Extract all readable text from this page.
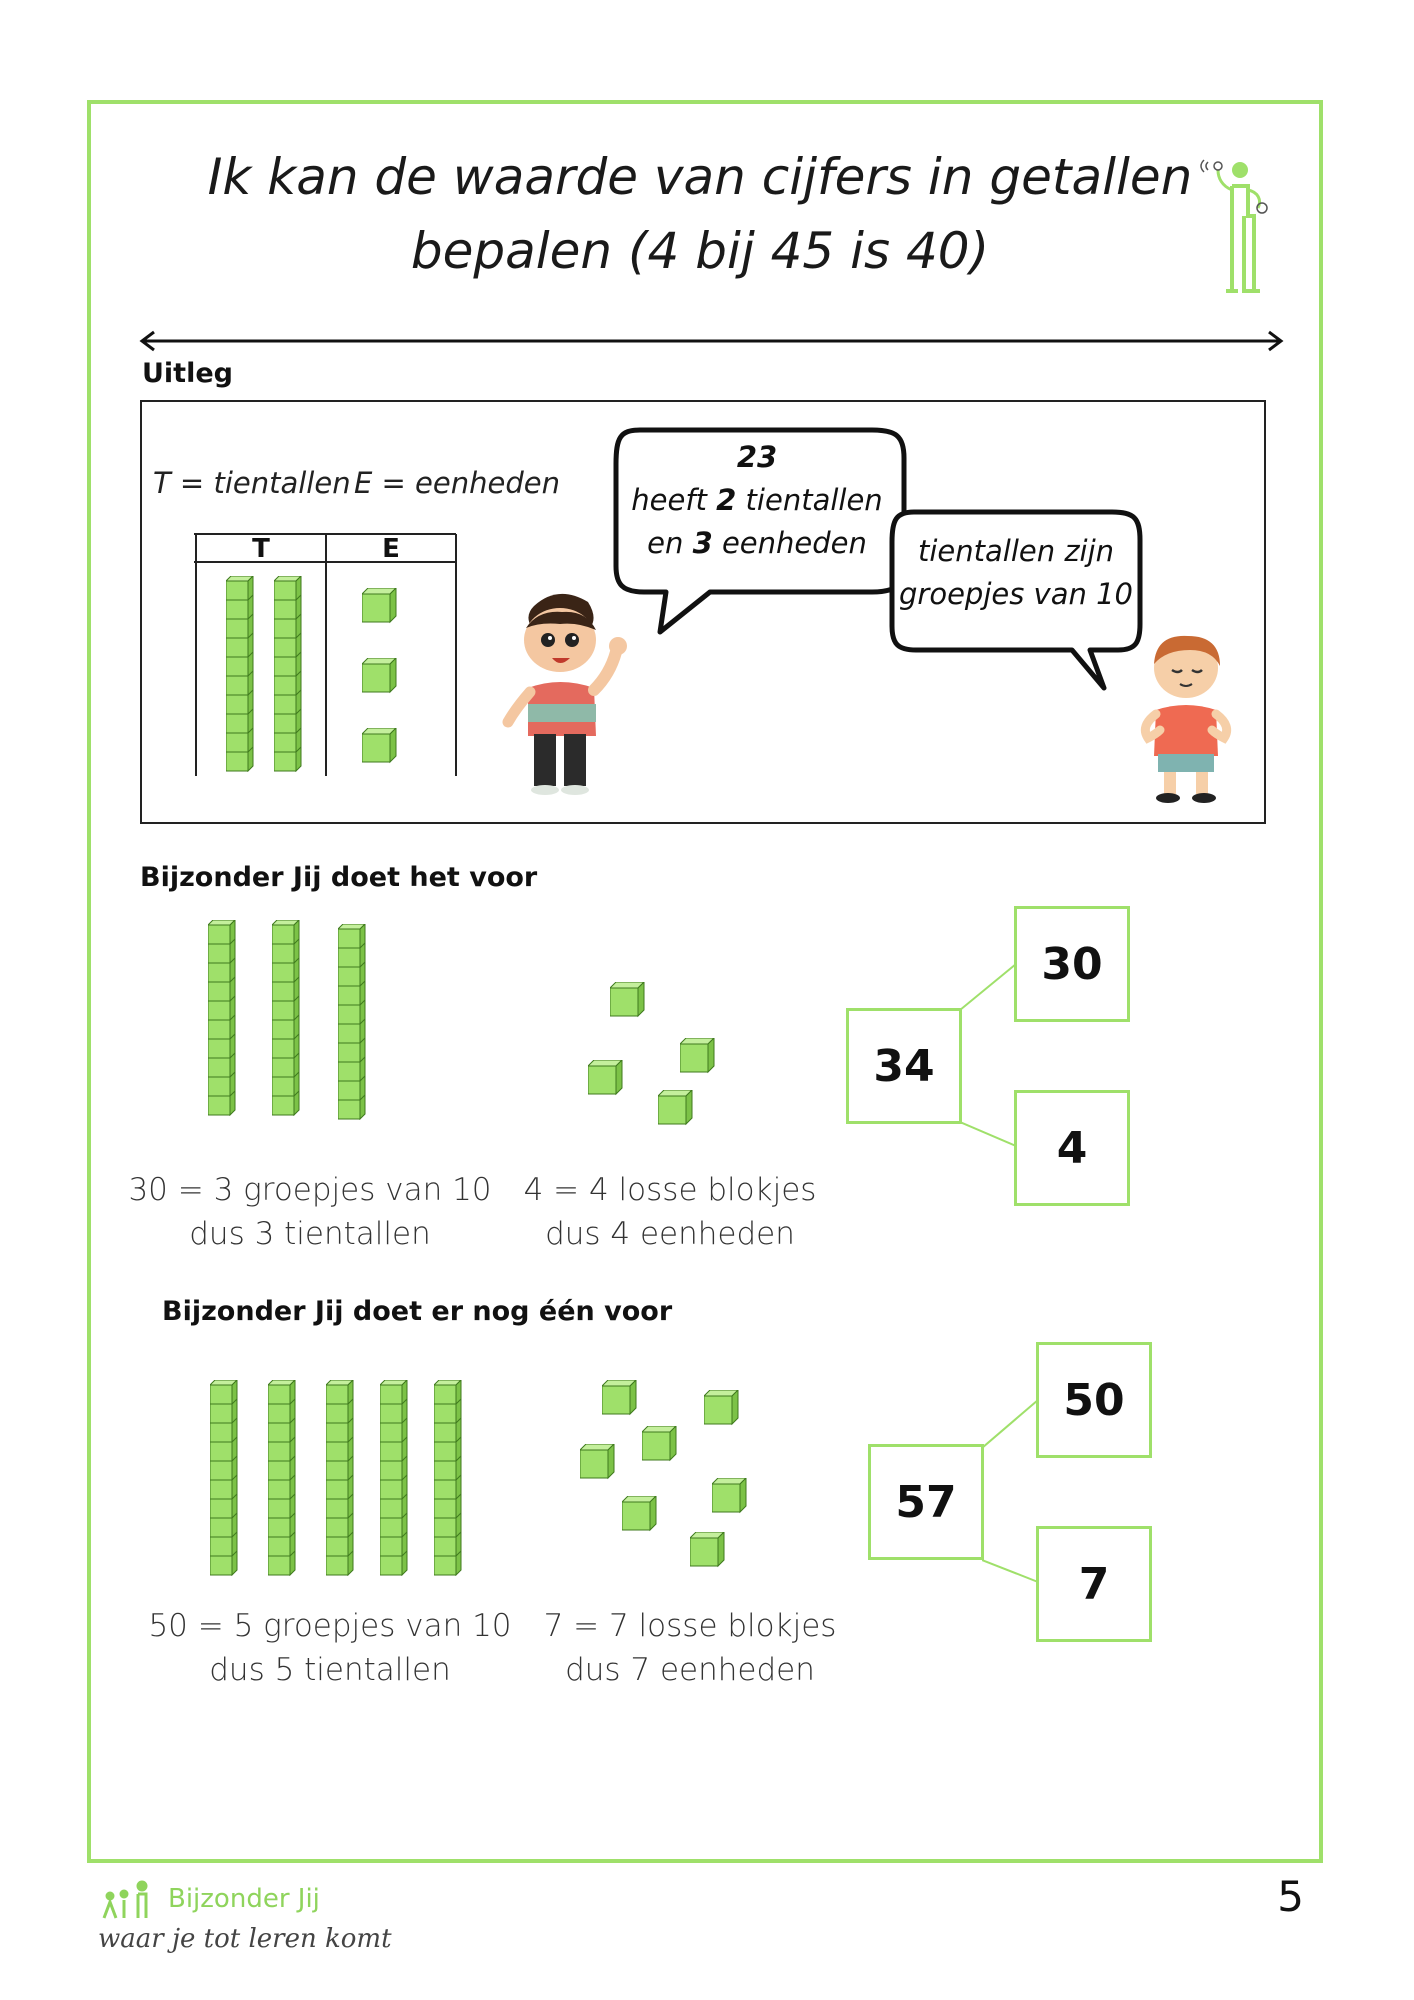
Ik kan de waarde van cijfers in getallen
bepalen (4 bij 45 is 40)
Uitleg
T = tientallen E = eenheden
T	E
23
heeft 2 tientallen
en 3 eenheden	tientallen zijn
groepjes van 10
Bijzonder Jij doet het voor
30 = 3 groepjes van 10
dus 3 tientallen
4 = 4 losse blokjes
dus 4 eenheden
34
30
4
Bijzonder Jij doet er nog één voor
50 = 5 groepjes van 10
dus 5 tientallen
7 = 7 losse blokjes
dus 7 eenheden
57
50
7
Bijzonder Jij
waar je tot leren komt
5
